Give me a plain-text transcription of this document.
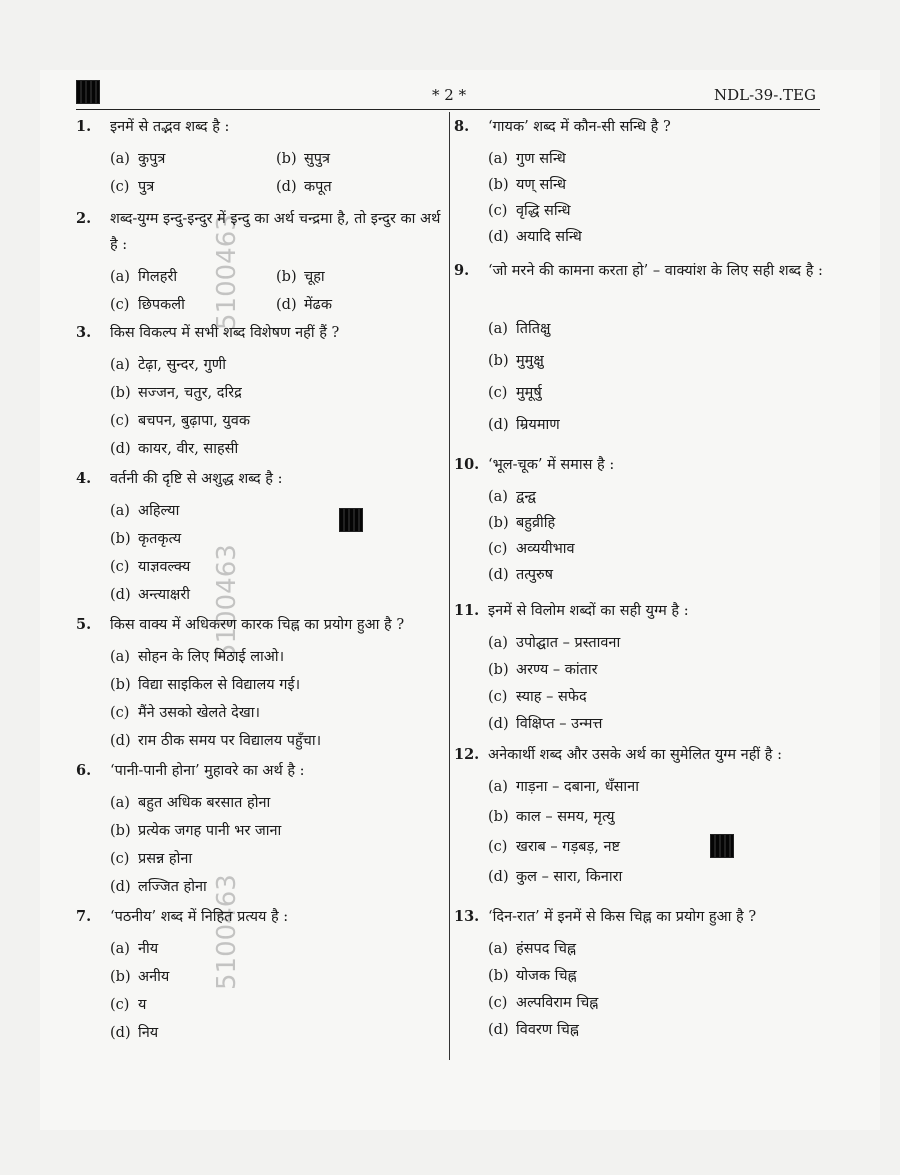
* 2 *	NDL-39-.TEG
5100463
5100463
5100463
1. इनमें से तद्भव शब्द है :
(a) कुपुत्र	(b) सुपुत्र
(c) पुत्र	(d) कपूत
2. शब्द-युग्म इन्दु-इन्दुर में इन्दु का अर्थ चन्द्रमा है, तो इन्दुर का अर्थ है :
(a) गिलहरी	(b) चूहा
(c) छिपकली	(d) मेंढक
3. किस विकल्प में सभी शब्द विशेषण नहीं हैं ?
(a) टेढ़ा, सुन्दर, गुणी
(b) सज्जन, चतुर, दरिद्र
(c) बचपन, बुढ़ापा, युवक
(d) कायर, वीर, साहसी
4. वर्तनी की दृष्टि से अशुद्ध शब्द है :
(a) अहिल्या
(b) कृतकृत्य
(c) याज्ञवल्क्य
(d) अन्त्याक्षरी
5. किस वाक्य में अधिकरण कारक चिह्न का प्रयोग हुआ है ?
(a) सोहन के लिए मिठाई लाओ।
(b) विद्या साइकिल से विद्यालय गई।
(c) मैंने उसको खेलते देखा।
(d) राम ठीक समय पर विद्यालय पहुँचा।
6. ‘पानी-पानी होना’ मुहावरे का अर्थ है :
(a) बहुत अधिक बरसात होना
(b) प्रत्येक जगह पानी भर जाना
(c) प्रसन्न होना
(d) लज्जित होना
7. ‘पठनीय’ शब्द में निहित प्रत्यय है :
(a) नीय
(b) अनीय
(c) य
(d) निय
8. ‘गायक’ शब्द में कौन-सी सन्धि है ?
(a) गुण सन्धि
(b) यण् सन्धि
(c) वृद्धि सन्धि
(d) अयादि सन्धि
9. ‘जो मरने की कामना करता हो’ – वाक्यांश के लिए सही शब्द है :
(a) तितिक्षु
(b) मुमुक्षु
(c) मुमूर्षु
(d) म्रियमाण
10. ‘भूल-चूक’ में समास है :
(a) द्वन्द्व
(b) बहुव्रीहि
(c) अव्ययीभाव
(d) तत्पुरुष
11. इनमें से विलोम शब्दों का सही युग्म है :
(a) उपोद्घात – प्रस्तावना
(b) अरण्य – कांतार
(c) स्याह – सफेद
(d) विक्षिप्त – उन्मत्त
12. अनेकार्थी शब्द और उसके अर्थ का सुमेलित युग्म नहीं है :
(a) गाड़ना – दबाना, धँसाना
(b) काल – समय, मृत्यु
(c) खराब – गड़बड़, नष्ट
(d) कुल – सारा, किनारा
13. ‘दिन-रात’ में इनमें से किस चिह्न का प्रयोग हुआ है ?
(a) हंसपद चिह्न
(b) योजक चिह्न
(c) अल्पविराम चिह्न
(d) विवरण चिह्न
